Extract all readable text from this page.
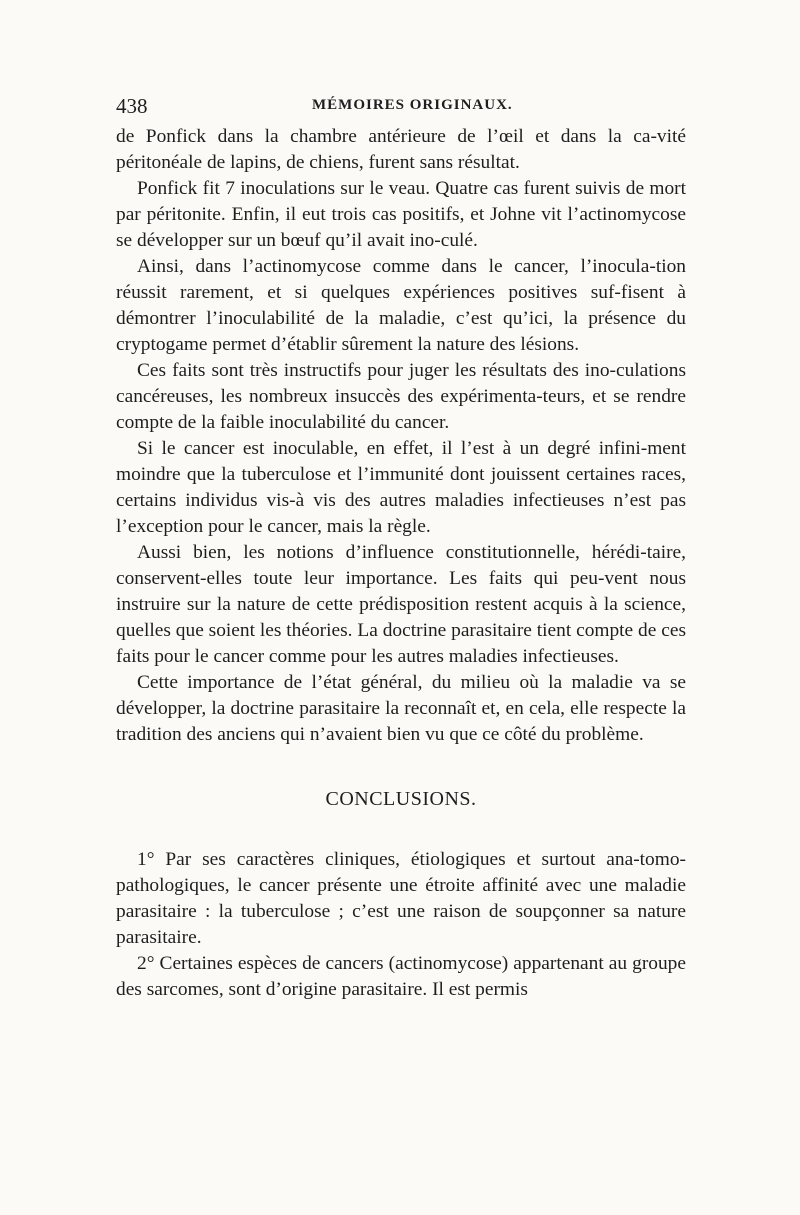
438	MÉMOIRES ORIGINAUX.

de Ponfick dans la chambre antérieure de l’œil et dans la ca-vité péritonéale de lapins, de chiens, furent sans résultat.

Ponfick fit 7 inoculations sur le veau. Quatre cas furent suivis de mort par péritonite. Enfin, il eut trois cas positifs, et Johne vit l’actinomycose se développer sur un bœuf qu’il avait ino-culé.

Ainsi, dans l’actinomycose comme dans le cancer, l’inocula-tion réussit rarement, et si quelques expériences positives suf-fisent à démontrer l’inoculabilité de la maladie, c’est qu’ici, la présence du cryptogame permet d’établir sûrement la nature des lésions.

Ces faits sont très instructifs pour juger les résultats des ino-culations cancéreuses, les nombreux insuccès des expérimenta-teurs, et se rendre compte de la faible inoculabilité du cancer.

Si le cancer est inoculable, en effet, il l’est à un degré infini-ment moindre que la tuberculose et l’immunité dont jouissent certaines races, certains individus vis-à vis des autres maladies infectieuses n’est pas l’exception pour le cancer, mais la règle.

Aussi bien, les notions d’influence constitutionnelle, hérédi-taire, conservent-elles toute leur importance. Les faits qui peu-vent nous instruire sur la nature de cette prédisposition restent acquis à la science, quelles que soient les théories. La doctrine parasitaire tient compte de ces faits pour le cancer comme pour les autres maladies infectieuses.

Cette importance de l’état général, du milieu où la maladie va se développer, la doctrine parasitaire la reconnaît et, en cela, elle respecte la tradition des anciens qui n’avaient bien vu que ce côté du problème.

CONCLUSIONS.

1° Par ses caractères cliniques, étiologiques et surtout ana-tomo-pathologiques, le cancer présente une étroite affinité avec une maladie parasitaire : la tuberculose ; c’est une raison de soupçonner sa nature parasitaire.

2° Certaines espèces de cancers (actinomycose) appartenant au groupe des sarcomes, sont d’origine parasitaire. Il est permis
